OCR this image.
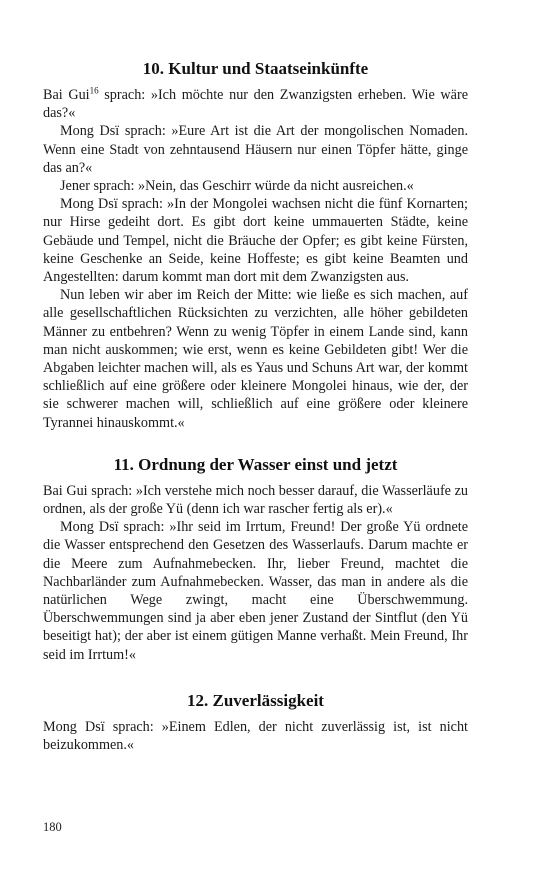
10. Kultur und Staatseinkünfte

Bai Gui$^{16}$ sprach: »Ich möchte nur den Zwanzigsten erheben. Wie wäre das?«

Mong Dsï sprach: »Eure Art ist die Art der mongolischen Nomaden. Wenn eine Stadt von zehntausend Häusern nur einen Töpfer hätte, ginge das an?«

Jener sprach: »Nein, das Geschirr würde da nicht ausreichen.«

Mong Dsï sprach: »In der Mongolei wachsen nicht die fünf Kornarten; nur Hirse gedeiht dort. Es gibt dort keine ummauerten Städte, keine Gebäude und Tempel, nicht die Bräuche der Opfer; es gibt keine Fürsten, keine Geschenke an Seide, keine Hoffeste; es gibt keine Beamten und Angestellten: darum kommt man dort mit dem Zwanzigsten aus.

Nun leben wir aber im Reich der Mitte: wie ließe es sich machen, auf alle gesellschaftlichen Rücksichten zu verzichten, alle höher gebildeten Männer zu entbehren? Wenn zu wenig Töpfer in einem Lande sind, kann man nicht auskommen; wie erst, wenn es keine Gebildeten gibt! Wer die Abgaben leichter machen will, als es Yaus und Schuns Art war, der kommt schließlich auf eine größere oder kleinere Mongolei hinaus, wie der, der sie schwerer machen will, schließlich auf eine größere oder kleinere Tyrannei hinauskommt.«

11. Ordnung der Wasser einst und jetzt

Bai Gui sprach: »Ich verstehe mich noch besser darauf, die Wasserläufe zu ordnen, als der große Yü (denn ich war rascher fertig als er).«

Mong Dsï sprach: »Ihr seid im Irrtum, Freund! Der große Yü ordnete die Wasser entsprechend den Gesetzen des Wasserlaufs. Darum machte er die Meere zum Aufnahmebecken. Ihr, lieber Freund, machtet die Nachbarländer zum Aufnahmebecken. Wasser, das man in andere als die natürlichen Wege zwingt, macht eine Überschwemmung. Überschwemmungen sind ja aber eben jener Zustand der Sintflut (den Yü beseitigt hat); der aber ist einem gütigen Manne verhaßt. Mein Freund, Ihr seid im Irrtum!«

12. Zuverlässigkeit

Mong Dsï sprach: »Einem Edlen, der nicht zuverlässig ist, ist nicht beizukommen.«

180
